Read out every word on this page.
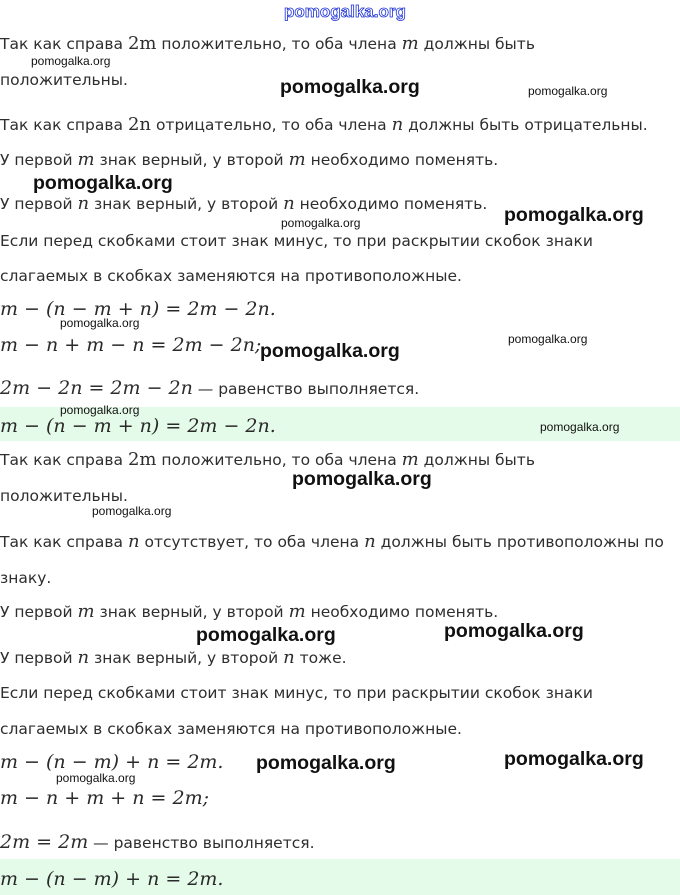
pomogalka.org
Так как справа 2m положительно, то оба члена m должны быть
положительны.
Так как справа 2n отрицательно, то оба члена n должны быть отрицательны.
У первой m знак верный, у второй m необходимо поменять.
У первой n знак верный, у второй n необходимо поменять.
Если перед скобками стоит знак минус, то при раскрытии скобок знаки
слагаемых в скобках заменяются на противоположные.
m − (n − m + n) = 2m − 2n.
m − n + m − n = 2m − 2n;
2m − 2n = 2m − 2n — равенство выполняется.
m − (n − m + n) = 2m − 2n.
Так как справа 2m положительно, то оба члена m должны быть
положительны.
Так как справа n отсутствует, то оба члена n должны быть противоположны по
знаку.
У первой m знак верный, у второй m необходимо поменять.
У первой n знак верный, у второй n тоже.
Если перед скобками стоит знак минус, то при раскрытии скобок знаки
слагаемых в скобках заменяются на противоположные.
m − (n − m) + n = 2m.
m − n + m + n = 2m;
2m = 2m — равенство выполняется.
m − (n − m) + n = 2m.
pomogalka.org
pomogalka.org	pomogalka.org
pomogalka.org
pomogalka.org
pomogalka.org
pomogalka.org
pomogalka.org
pomogalka.org
pomogalka.org
pomogalka.org
pomogalka.org
pomogalka.org
pomogalka.org
pomogalka.org
pomogalka.org
pomogalka.org
pomogalka.org
